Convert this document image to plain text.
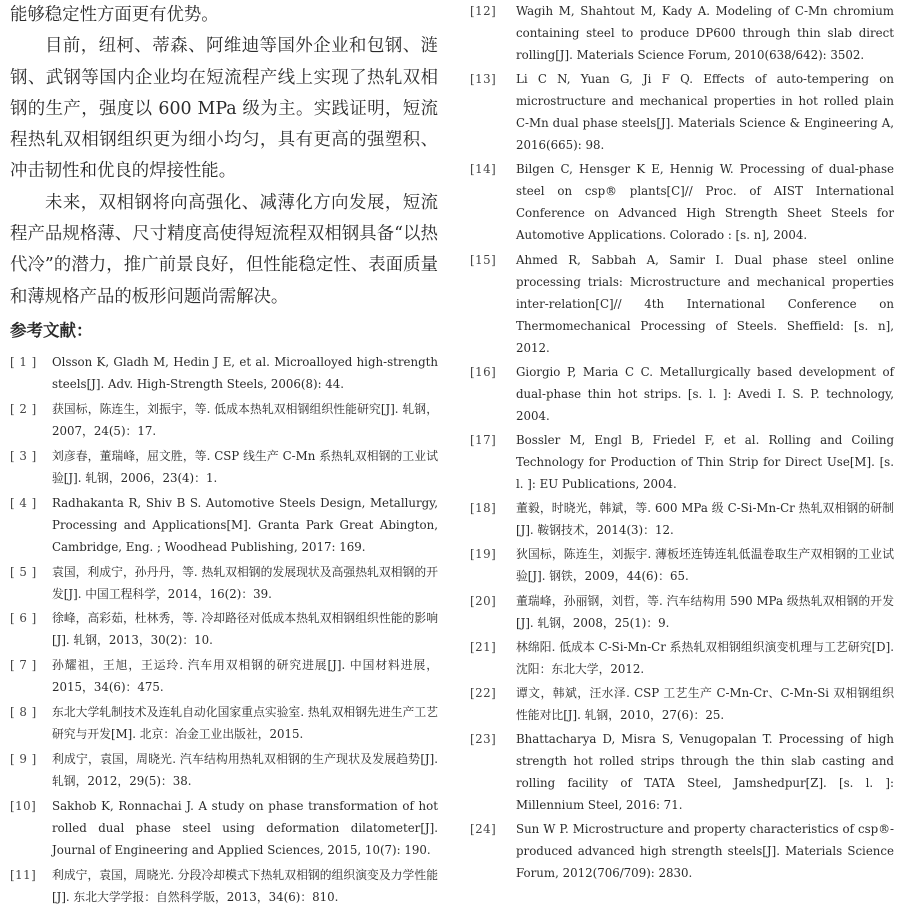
能够稳定性方面更有优势。

目前，纽柯、蒂森、阿维迪等国外企业和包钢、涟钢、武钢等国内企业均在短流程产线上实现了热轧双相钢的生产，强度以 600 MPa 级为主。实践证明，短流程热轧双相钢组织更为细小均匀，具有更高的强塑积、冲击韧性和优良的焊接性能。

未来，双相钢将向高强化、减薄化方向发展，短流程产品规格薄、尺寸精度高使得短流程双相钢具备“以热代冷”的潜力，推广前景良好，但性能稳定性、表面质量和薄规格产品的板形问题尚需解决。

参考文献：
[ 1 ]	Olsson K, Gladh M, Hedin J E, et al. Microalloyed high-strength steels[J]. Adv. High-Strength Steels, 2006(8): 44.
[ 2 ]	获国标，陈连生，刘振宇，等. 低成本热轧双相钢组织性能研究[J]. 轧钢，2007，24(5)：17.
[ 3 ]	刘彦春，董瑞峰，屈文胜，等. CSP 线生产 C-Mn 系热轧双相钢的工业试验[J]. 轧钢，2006，23(4)：1.
[ 4 ]	Radhakanta R, Shiv B S. Automotive Steels Design, Metallurgy, Processing and Applications[M]. Granta Park Great Abington, Cambridge, Eng. ; Woodhead Publishing, 2017: 169.
[ 5 ]	袁国，利成宁，孙丹丹，等. 热轧双相钢的发展现状及高强热轧双相钢的开发[J]. 中国工程科学，2014，16(2)：39.
[ 6 ]	徐峰，高彩茹，杜林秀，等. 冷却路径对低成本热轧双相钢组织性能的影响[J]. 轧钢，2013，30(2)：10.
[ 7 ]	孙耀祖，王旭，王运玲. 汽车用双相钢的研究进展[J]. 中国材料进展，2015，34(6)：475.
[ 8 ]	东北大学轧制技术及连轧自动化国家重点实验室. 热轧双相钢先进生产工艺研究与开发[M]. 北京：冶金工业出版社，2015.
[ 9 ]	利成宁，袁国，周晓光. 汽车结构用热轧双相钢的生产现状及发展趋势[J]. 轧钢，2012，29(5)：38.
[10]	Sakhob K, Ronnachai J. A study on phase transformation of hot rolled dual phase steel using deformation dilatometer[J]. Journal of Engineering and Applied Sciences, 2015, 10(7): 190.
[11]	利成宁，袁国，周晓光. 分段冷却模式下热轧双相钢的组织演变及力学性能[J]. 东北大学学报：自然科学版，2013，34(6)：810.
[12]	Wagih M, Shahtout M, Kady A. Modeling of C-Mn chromium containing steel to produce DP600 through thin slab direct rolling[J]. Materials Science Forum, 2010(638/642): 3502.
[13]	Li C N, Yuan G, Ji F Q. Effects of auto-tempering on microstructure and mechanical properties in hot rolled plain C-Mn dual phase steels[J]. Materials Science & Engineering A, 2016(665): 98.
[14]	Bilgen C, Hensger K E, Hennig W. Processing of dual-phase steel on csp® plants[C]// Proc. of AIST International Conference on Advanced High Strength Sheet Steels for Automotive Applications. Colorado : [s. n], 2004.
[15]	Ahmed R, Sabbah A, Samir I. Dual phase steel online processing trials: Microstructure and mechanical properties inter-relation[C]// 4th International Conference on Thermomechanical Processing of Steels. Sheffield: [s. n], 2012.
[16]	Giorgio P, Maria C C. Metallurgically based development of dual-phase thin hot strips. [s. l. ]: Avedi I. S. P. technology, 2004.
[17]	Bossler M, Engl B, Friedel F, et al. Rolling and Coiling Technology for Production of Thin Strip for Direct Use[M]. [s. l. ]: EU Publications, 2004.
[18]	董毅，时晓光，韩斌，等. 600 MPa 级 C-Si-Mn-Cr 热轧双相钢的研制[J]. 鞍钢技术，2014(3)：12.
[19]	狄国标，陈连生，刘振宇. 薄板坯连铸连轧低温卷取生产双相钢的工业试验[J]. 钢铁，2009，44(6)：65.
[20]	董瑞峰，孙丽钢，刘哲，等. 汽车结构用 590 MPa 级热轧双相钢的开发[J]. 轧钢，2008，25(1)：9.
[21]	林绵阳. 低成本 C-Si-Mn-Cr 系热轧双相钢组织演变机理与工艺研究[D]. 沈阳：东北大学，2012.
[22]	谭文，韩斌，汪水泽. CSP 工艺生产 C-Mn-Cr、C-Mn-Si 双相钢组织性能对比[J]. 轧钢，2010，27(6)：25.
[23]	Bhattacharya D, Misra S, Venugopalan T. Processing of high strength hot rolled strips through the thin slab casting and rolling facility of TATA Steel, Jamshedpur[Z]. [s. l. ]: Millennium Steel, 2016: 71.
[24]	Sun W P. Microstructure and property characteristics of csp®-produced advanced high strength steels[J]. Materials Science Forum, 2012(706/709): 2830.
